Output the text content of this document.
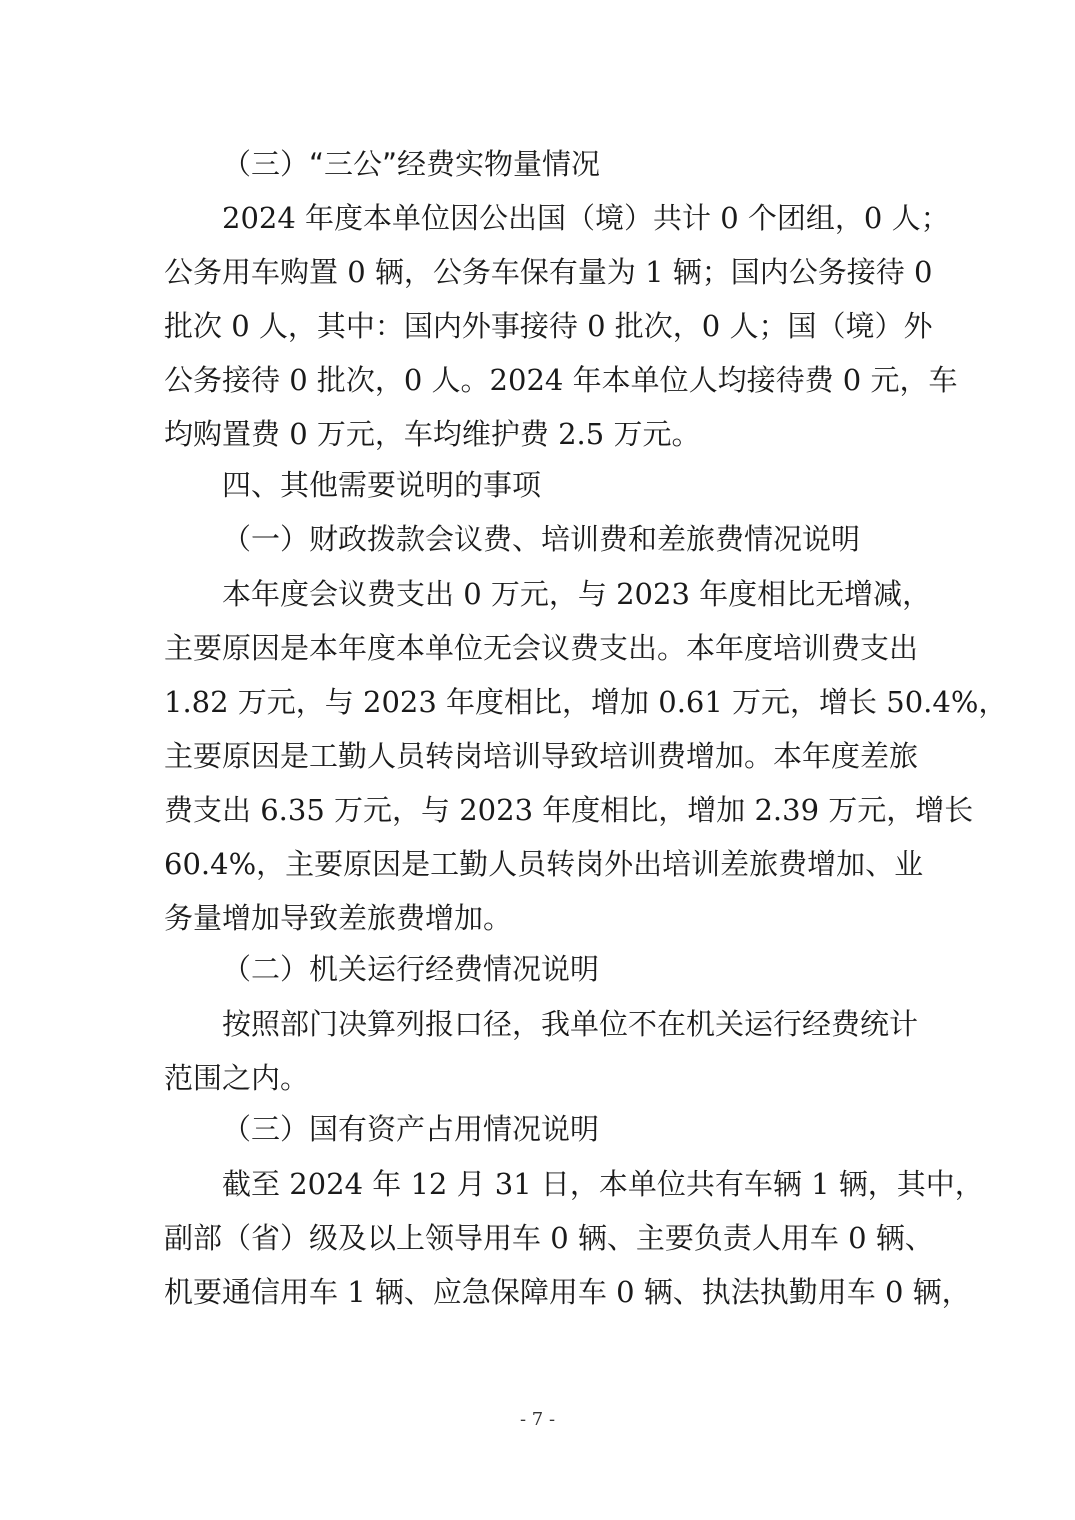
（三）“三公”经费实物量情况
2024 年度本单位因公出国（境）共计 0 个团组，0 人；
公务用车购置 0 辆，公务车保有量为 1 辆；国内公务接待 0
批次 0 人，其中：国内外事接待 0 批次，0 人；国（境）外
公务接待 0 批次，0 人。2024 年本单位人均接待费 0 元，车
均购置费 0 万元，车均维护费 2.5 万元。
四、其他需要说明的事项
（一）财政拨款会议费、培训费和差旅费情况说明
本年度会议费支出 0 万元，与 2023 年度相比无增减，
主要原因是本年度本单位无会议费支出。本年度培训费支出
1.82 万元，与 2023 年度相比，增加 0.61 万元，增长 50.4%，
主要原因是工勤人员转岗培训导致培训费增加。本年度差旅
费支出 6.35 万元，与 2023 年度相比，增加 2.39 万元，增长
60.4%，主要原因是工勤人员转岗外出培训差旅费增加、业
务量增加导致差旅费增加。
（二）机关运行经费情况说明
按照部门决算列报口径，我单位不在机关运行经费统计
范围之内。
（三）国有资产占用情况说明
截至 2024 年 12 月 31 日，本单位共有车辆 1 辆，其中，
副部（省）级及以上领导用车 0 辆、主要负责人用车 0 辆、
机要通信用车 1 辆、应急保障用车 0 辆、执法执勤用车 0 辆，
- 7 -
